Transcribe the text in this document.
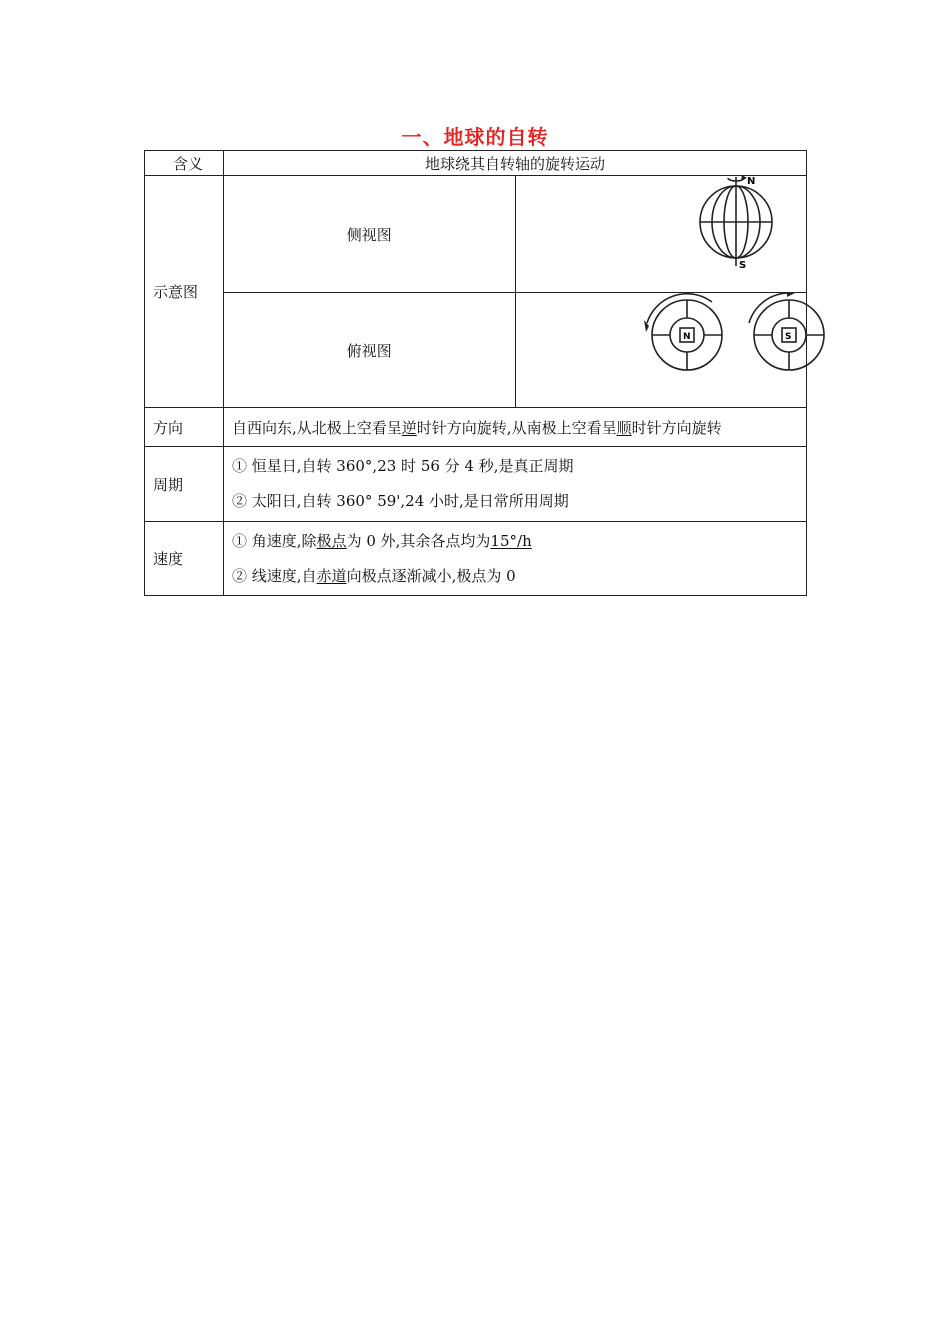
一、地球的自转
含义	地球绕其自转轴的旋转运动	
示意图	侧视图	N
S

	俯视图	N S

方向	自西向东,从北极上空看呈逆时针方向旋转,从南极上空看呈顺时针方向旋转	
周期	① 恒星日,自转 360°,23 时 56 分 4 秒,是真正周期
② 太阳日,自转 360° 59',24 小时,是日常所用周期	

速度	① 角速度,除极点为 0 外,其余各点均为15°/h
② 线速度,自赤道向极点逐渐减小,极点为 0	
